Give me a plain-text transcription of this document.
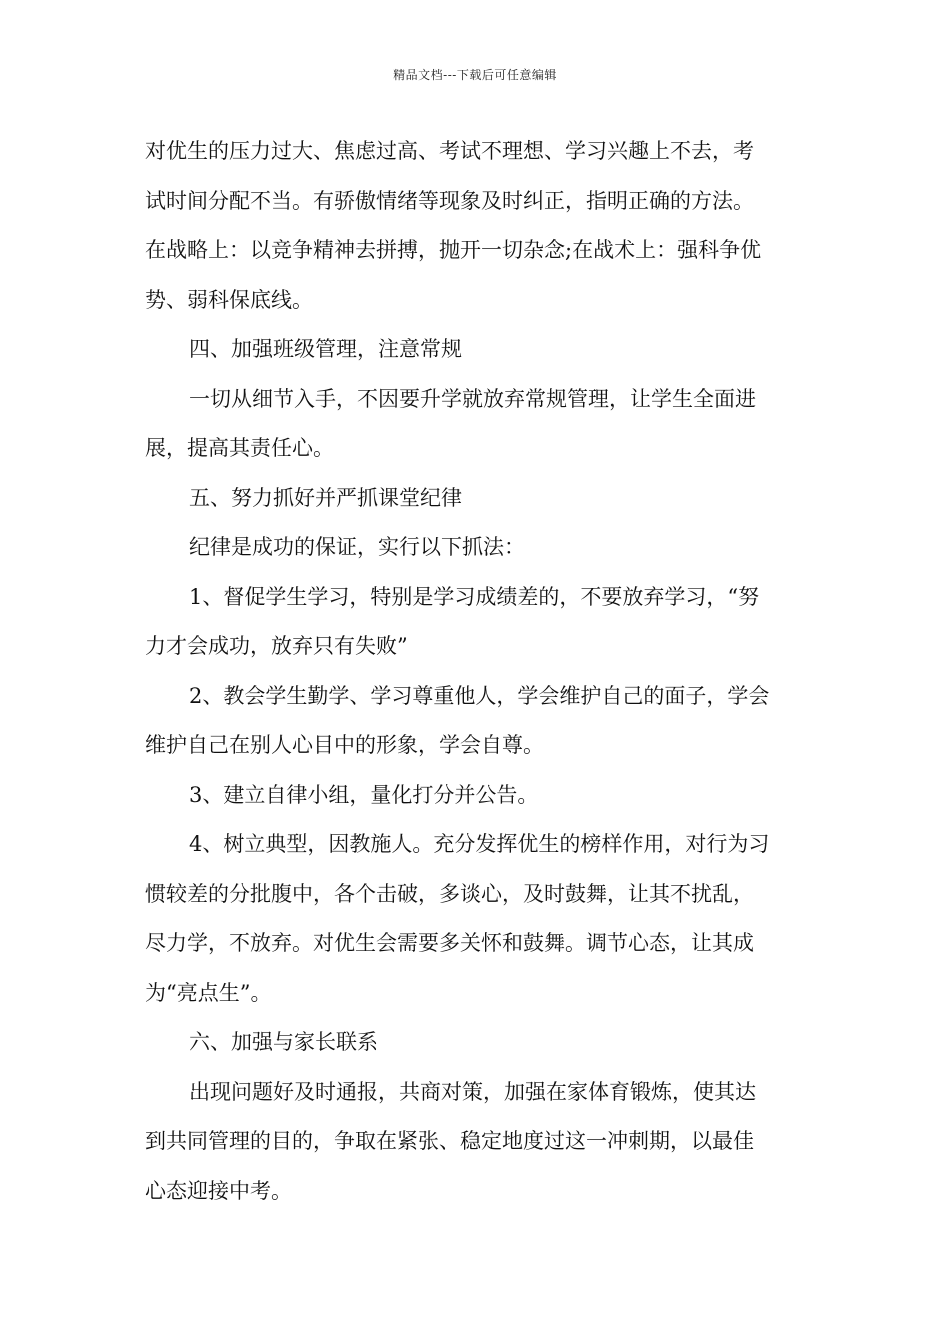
精品文档---下载后可任意编辑

对优生的压力过大、焦虑过高、考试不理想、学习兴趣上不去，考

试时间分配不当。有骄傲情绪等现象及时纠正，指明正确的方法。

在战略上：以竞争精神去拼搏，抛开一切杂念;在战术上：强科争优

势、弱科保底线。

四、加强班级管理，注意常规

一切从细节入手，不因要升学就放弃常规管理，让学生全面进

展，提高其责任心。

五、努力抓好并严抓课堂纪律

纪律是成功的保证，实行以下抓法：

1、督促学生学习，特别是学习成绩差的，不要放弃学习，“努

力才会成功，放弃只有失败”

2、教会学生勤学、学习尊重他人，学会维护自己的面子，学会

维护自己在别人心目中的形象，学会自尊。

3、建立自律小组，量化打分并公告。

4、树立典型，因教施人。充分发挥优生的榜样作用，对行为习

惯较差的分批腹中，各个击破，多谈心，及时鼓舞，让其不扰乱，

尽力学，不放弃。对优生会需要多关怀和鼓舞。调节心态，让其成

为“亮点生”。

六、加强与家长联系

出现问题好及时通报，共商对策，加强在家体育锻炼，使其达

到共同管理的目的，争取在紧张、稳定地度过这一冲刺期，以最佳

心态迎接中考。
